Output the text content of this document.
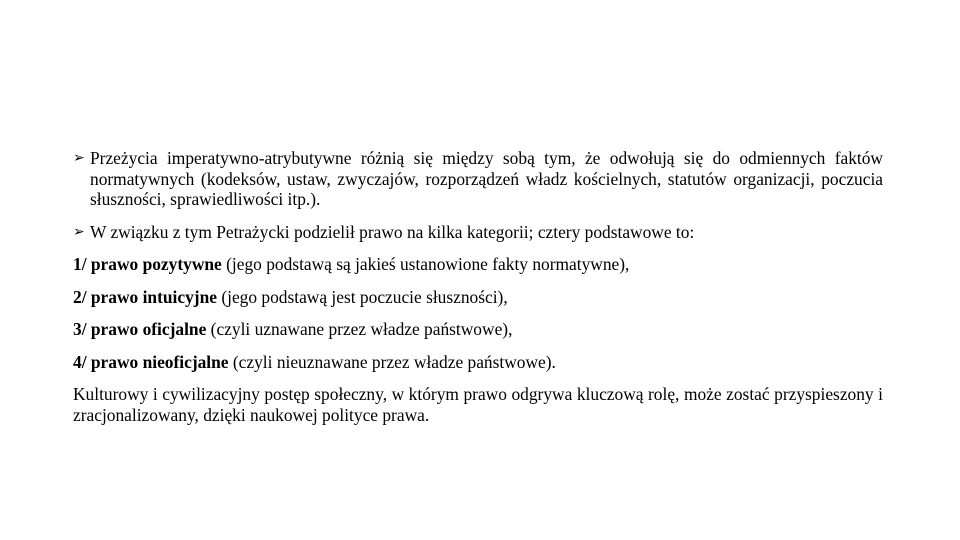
➢ Przeżycia imperatywno-atrybutywne różnią się między sobą tym, że odwołują się do odmiennych faktów normatywnych (kodeksów, ustaw, zwyczajów, rozporządzeń władz kościelnych, statutów organizacji, poczucia słuszności, sprawiedliwości itp.).
➢ W związku z tym Petrażycki podzielił prawo na kilka kategorii; cztery podstawowe to:
1/ prawo pozytywne (jego podstawą są jakieś ustanowione fakty normatywne),
2/ prawo intuicyjne (jego podstawą jest poczucie słuszności),
3/ prawo oficjalne (czyli uznawane przez władze państwowe),
4/ prawo nieoficjalne (czyli nieuznawane przez władze państwowe).

Kulturowy i cywilizacyjny postęp społeczny, w którym prawo odgrywa kluczową rolę, może zostać przyspieszony i zracjonalizowany, dzięki naukowej polityce prawa.
